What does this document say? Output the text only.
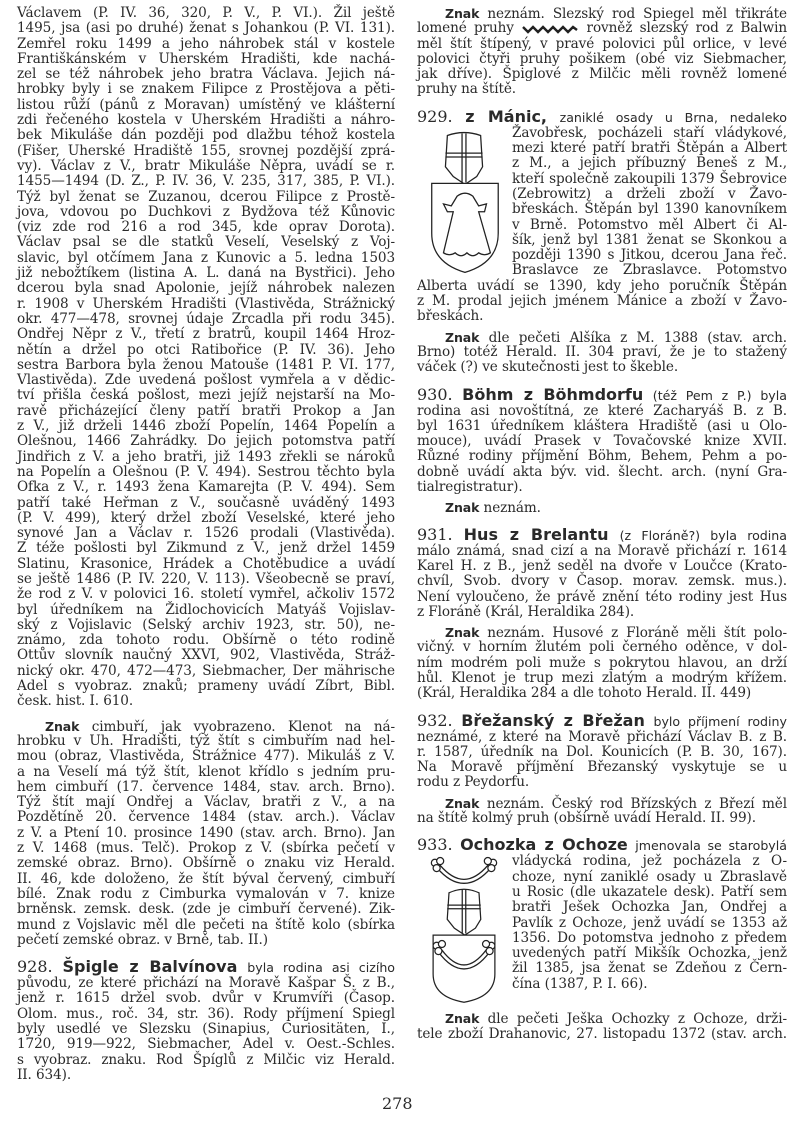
Václavem (P. IV. 36, 320, P. V., P. VI.). Žil ještě
1495, jsa (asi po druhé) ženat s Johankou (P. VI. 131).
Zemřel roku 1499 a jeho náhrobek stál v kostele
Františkánském v Uherském Hradišti, kde nachá-
zel se též náhrobek jeho bratra Václava. Jejich ná-
hrobky byly i se znakem Filipce z Prostějova a pěti-
listou růží (pánů z Moravan) umístěný ve klášterní
zdi řečeného kostela v Uherském Hradišti a náhro-
bek Mikuláše dán později pod dlažbu téhož kostela
(Fišer, Uherské Hradiště 155, srovnej pozdější zprá-
vy). Václav z V., bratr Mikuláše Něpra, uvádí se r.
1455—1494 (D. Z., P. IV. 36, V. 235, 317, 385, P. VI.).
Týž byl ženat se Zuzanou, dcerou Filipce z Prostě-
jova, vdovou po Duchkovi z Bydžova též Kůnovic
(viz zde rod 216 a rod 345, kde oprav Dorota).
Václav psal se dle statků Veselí, Veselský z Voj-
slavic, byl otčímem Jana z Kunovic a 5. ledna 1503
již nebožtíkem (listina A. L. daná na Bystřici). Jeho
dcerou byla snad Apolonie, jejíž náhrobek nalezen
r. 1908 v Uherském Hradišti (Vlastivěda, Strážnický
okr. 477—478, srovnej údaje Zrcadla při rodu 345).
Ondřej Něpr z V., třetí z bratrů, koupil 1464 Hroz-
nětín a držel po otci Ratibořice (P. IV. 36). Jeho
sestra Barbora byla ženou Matouše (1481 P. VI. 177,
Vlastivěda). Zde uvedená pošlost vymřela a v dědic-
tví přišla česká pošlost, mezi jejíž nejstarší na Mo-
ravě přicházející členy patří bratři Prokop a Jan
z V., již drželi 1446 zboží Popelín, 1464 Popelín a
Olešnou, 1466 Zahrádky. Do jejich potomstva patří
Jindřich z V. a jeho bratři, již 1493 zřekli se nároků
na Popelín a Olešnou (P. V. 494). Sestrou těchto byla
Ofka z V., r. 1493 žena Kamarejta (P. V. 494). Sem
patří také Heřman z V., současně uváděný 1493
(P. V. 499), který držel zboží Veselské, které jeho
synové Jan a Václav r. 1526 prodali (Vlastivěda).
Z téže pošlosti byl Zikmund z V., jenž držel 1459
Slatinu, Krasonice, Hrádek a Chotěbudice a uvádí
se ještě 1486 (P. IV. 220, V. 113). Všeobecně se praví,
že rod z V. v polovici 16. století vymřel, ačkoliv 1572
byl úředníkem na Židlochovicích Matyáš Vojislav-
ský z Vojislavic (Selský archiv 1923, str. 50), ne-
známo, zda tohoto rodu. Obšírně o této rodině
Ottův slovník naučný XXVI, 902, Vlastivěda, Stráž-
nický okr. 470, 472—473, Siebmacher, Der mährische
Adel s vyobraz. znaků; prameny uvádí Zíbrt, Bibl.
česk. hist. I. 610.
Znak cimbuří, jak vyobrazeno. Klenot na ná-
hrobku v Uh. Hradišti, týž štít s cimbuřím nad hel-
mou (obraz, Vlastivěda, Strážnice 477). Mikuláš z V.
a na Veselí má týž štít, klenot křídlo s jedním pru-
hem cimbuří (17. července 1484, stav. arch. Brno).
Týž štít mají Ondřej a Václav, bratři z V., a na
Pozdětíně 20. července 1484 (stav. arch.). Václav
z V. a Ptení 10. prosince 1490 (stav. arch. Brno). Jan
z V. 1468 (mus. Telč). Prokop z V. (sbírka pečetí v
zemské obraz. Brno). Obšírně o znaku viz Herald.
II. 46, kde doloženo, že štít býval červený, cimbuří
bílé. Znak rodu z Cimburka vymalován v 7. knize
brněnsk. zemsk. desk. (zde je cimbuří červené). Zik-
mund z Vojslavic měl dle pečeti na štítě kolo (sbírka
pečetí zemské obraz. v Brně, tab. II.)
928. Špigle z Balvínova byla rodina asi cizího
původu, ze které přichází na Moravě Kašpar Š. z B.,
jenž r. 1615 držel svob. dvůr v Krumvíři (Časop.
Olom. mus., roč. 34, str. 36). Rody příjmení Spiegl
byly usedlé ve Slezsku (Sinapius, Curiositäten, I.,
1720, 919—922, Siebmacher, Adel v. Oest.-Schles.
s vyobraz. znaku. Rod Špíglů z Milčic viz Herald.
II. 634).
Znak neznám. Slezský rod Spiegel měl třikráte
lomené pruhy	rovněž slezský rod z Balwin
měl štít štípený, v pravé polovici půl orlice, v levé
polovici čtyři pruhy pošikem (obé viz Siebmacher,
jak dříve). Špiglové z Milčic měli rovněž lomené
pruhy na štítě.
929. z Mánic, zaniklé osady u Brna, nedaleko
Žavobřesk, pocházeli staří vládykové,
mezi které patří bratři Štěpán a Albert
z M., a jejich příbuzný Beneš z M.,
kteří společně zakoupili 1379 Šebrovice
(Zebrowitz) a drželi zboží v Žavo-
břeskách. Štěpán byl 1390 kanovníkem
v Brně. Potomstvo měl Albert či Al-
šík, jenž byl 1381 ženat se Skonkou a
později 1390 s Jitkou, dcerou Jana řeč.
Braslavce ze Zbraslavce. Potomstvo
Alberta uvádí se 1390, kdy jeho poručník Štěpán
z M. prodal jejich jménem Mánice a zboží v Žavo-
břeskách.
Znak dle pečeti Alšíka z M. 1388 (stav. arch.
Brno) totéž Herald. II. 304 praví, že je to stažený
váček (?) ve skutečnosti jest to škeble.
930. Böhm z Böhmdorfu (též Pem z P.) byla
rodina asi novoštítná, ze které Zacharyáš B. z B.
byl 1631 úředníkem kláštera Hradiště (asi u Olo-
mouce), uvádí Prasek v Tovačovské knize XVII.
Různé rodiny příjmění Böhm, Behem, Pehm a po-
dobně uvádí akta býv. vid. šlecht. arch. (nyní Gra-
tialregistratur).
Znak neznám.
931. Hus z Brelantu (z Floráně?) byla rodina
málo známá, snad cizí a na Moravě přichází r. 1614
Karel H. z B., jenž seděl na dvoře v Loučce (Krato-
chvíl, Svob. dvory v Časop. morav. zemsk. mus.).
Není vyloučeno, že právě znění této rodiny jest Hus
z Floráně (Král, Heraldika 284).
Znak neznám. Husové z Floráně měli štít polo-
vičný. v horním žlutém poli černého oděnce, v dol-
ním modrém poli muže s pokrytou hlavou, an drží
hůl. Klenot je trup mezi zlatým a modrým křížem.
(Král, Heraldika 284 a dle tohoto Herald. II. 449)
932. Břežanský z Břežan bylo příjmení rodiny
neznámé, z které na Moravě přichází Václav B. z B.
r. 1587, úředník na Dol. Kounicích (P. B. 30, 167).
Na Moravě příjmění Březanský vyskytuje se u
rodu z Peydorfu.
Znak neznám. Český rod Břízských z Březí měl
na štítě kolmý pruh (obšírně uvádí Herald. II. 99).
933. Ochozka z Ochoze jmenovala se starobylá
vládycká rodina, jež pocházela z O-
choze, nyní zaniklé osady u Zbraslavě
u Rosic (dle ukazatele desk). Patří sem
bratři Ješek Ochozka Jan, Ondřej a
Pavlík z Ochoze, jenž uvádí se 1353 až
1356. Do potomstva jednoho z předem
uvedených patří Mikšík Ochozka, jenž
žil 1385, jsa ženat se Zdeňou z Čern-
čína (1387, P. I. 66).
Znak dle pečeti Ješka Ochozky z Ochoze, drži-
tele zboží Drahanovic, 27. listopadu 1372 (stav. arch.
278
